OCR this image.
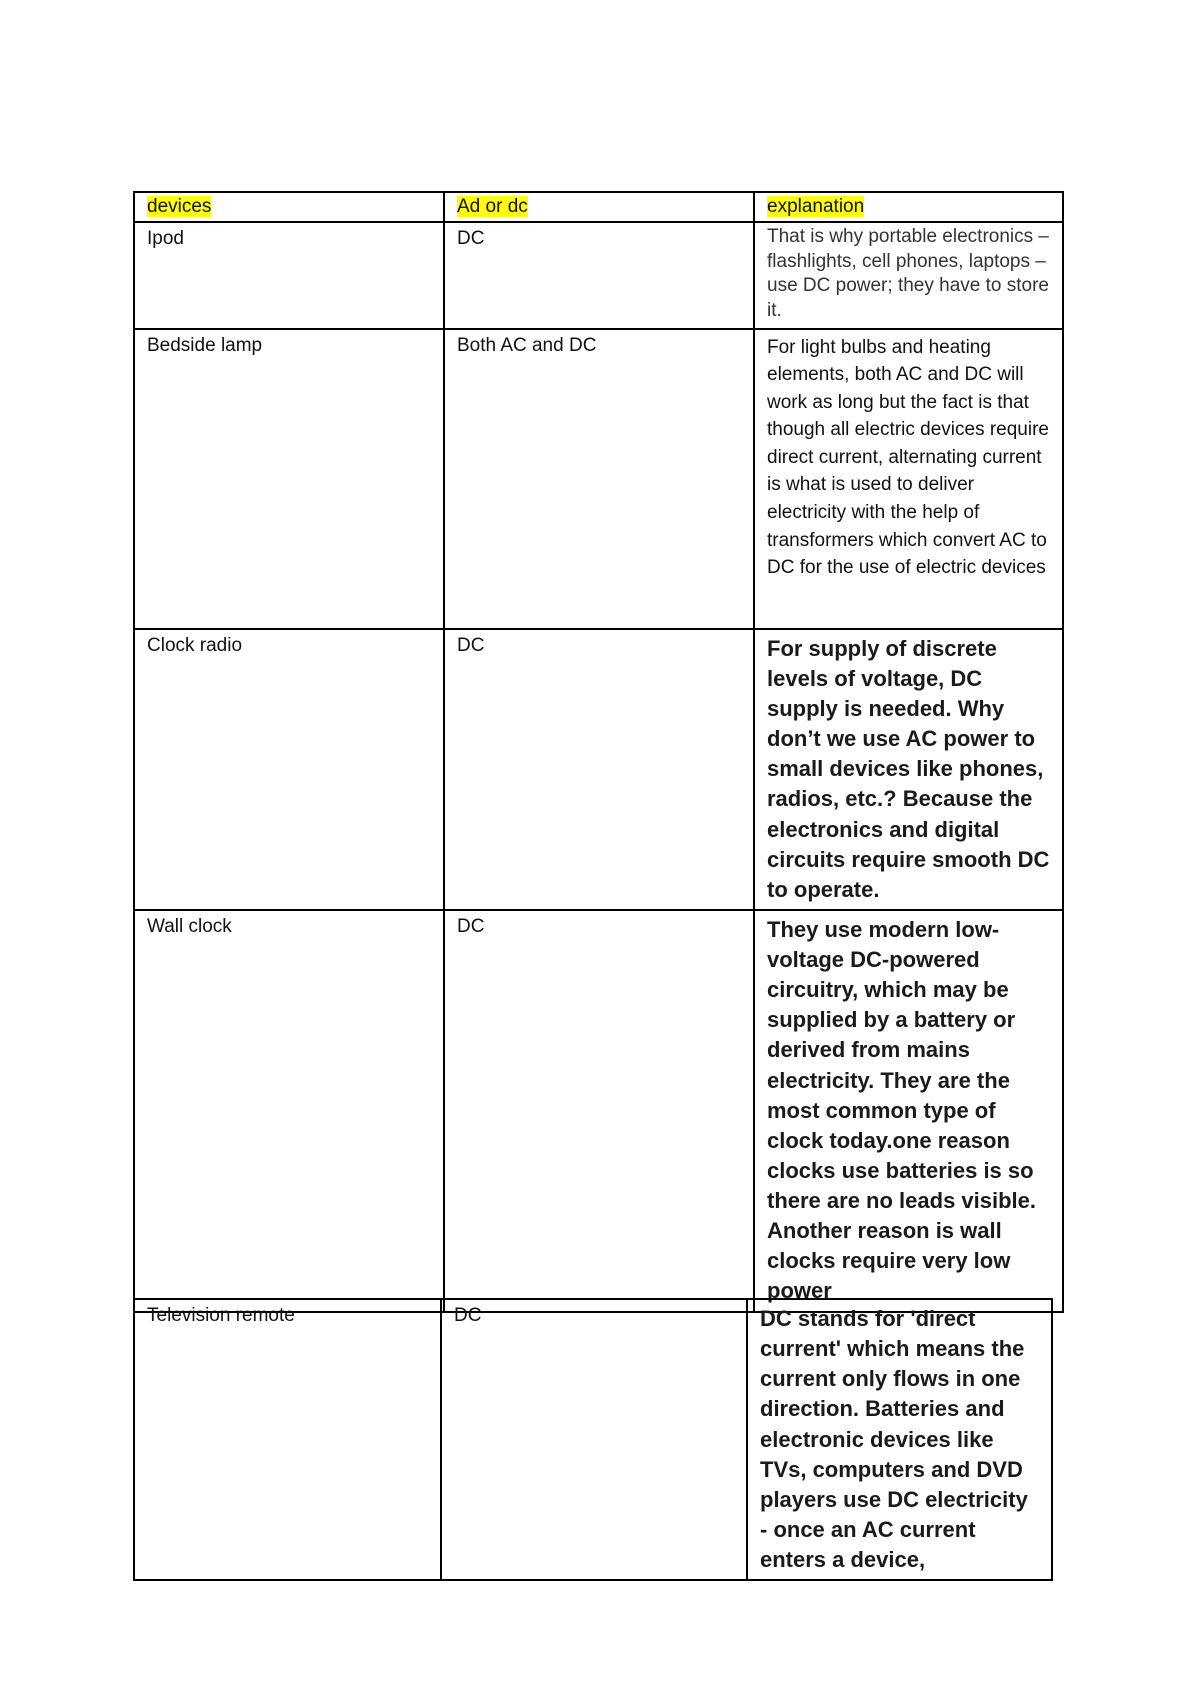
devices	Ad or dc	explanation
Ipod	DC	That is why portable electronics – flashlights, cell phones, laptops – use DC power; they have to store it.
Bedside lamp	Both AC and DC	For light bulbs and heating elements, both AC and DC will work as long but the fact is that though all electric devices require direct current, alternating current is what is used to deliver electricity with the help of transformers which convert AC to DC for the use of electric devices
Clock radio	DC	For supply of discrete levels of voltage, DC supply is needed. Why don’t we use AC power to small devices like phones, radios, etc.? Because the electronics and digital circuits require smooth DC to operate.
Wall clock	DC	They use modern low-voltage DC-powered circuitry, which may be supplied by a battery or derived from mains electricity. They are the most common type of clock today.one reason clocks use batteries is so there are no leads visible. Another reason is wall clocks require very low power
Television remote	DC	DC stands for 'direct current' which means the current only flows in one direction. Batteries and electronic devices like TVs, computers and DVD players use DC electricity - once an AC current enters a device,
